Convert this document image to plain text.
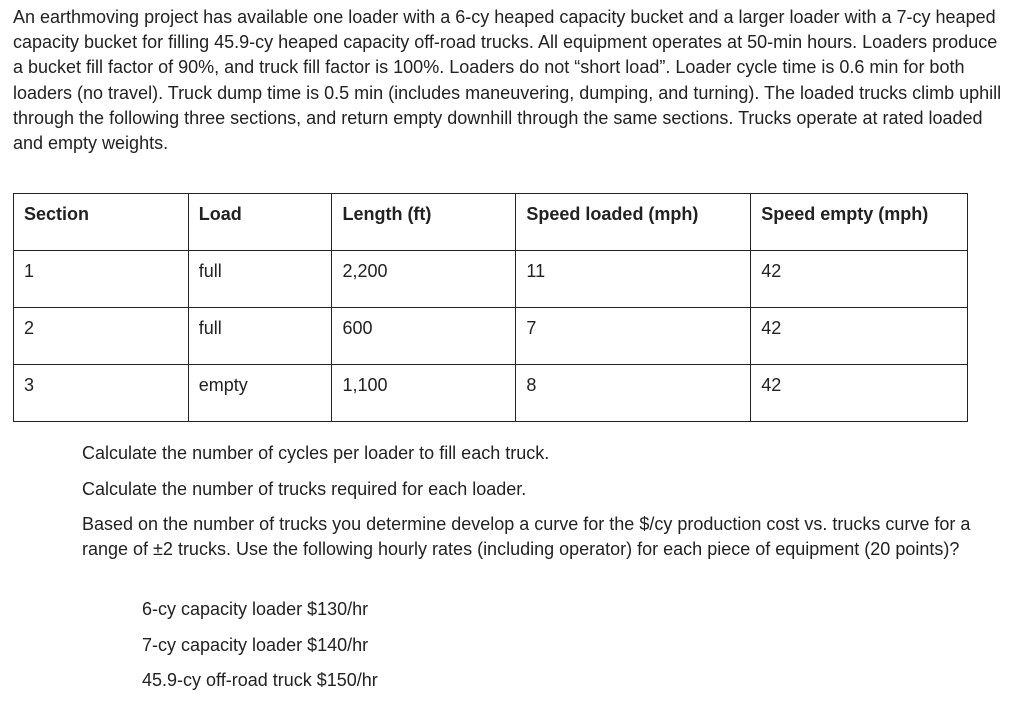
An earthmoving project has available one loader with a 6-cy heaped capacity bucket and a larger loader with a 7-cy heaped capacity bucket for filling 45.9-cy heaped capacity off-road trucks. All equipment operates at 50-min hours. Loaders produce a bucket fill factor of 90%, and truck fill factor is 100%. Loaders do not “short load”. Loader cycle time is 0.6 min for both loaders (no travel). Truck dump time is 0.5 min (includes maneuvering, dumping, and turning). The loaded trucks climb uphill through the following three sections, and return empty downhill through the same sections. Trucks operate at rated loaded and empty weights.

Section	Load	Length (ft)	Speed loaded (mph)	Speed empty (mph)
1	full	2,200	11	42
2	full	600	7	42
3	empty	1,100	8	42

Calculate the number of cycles per loader to fill each truck.

Calculate the number of trucks required for each loader.

Based on the number of trucks you determine develop a curve for the $/cy production cost vs. trucks curve for a range of ±2 trucks. Use the following hourly rates (including operator) for each piece of equipment (20 points)?

6-cy capacity loader $130/hr
7-cy capacity loader $140/hr
45.9-cy off-road truck $150/hr
